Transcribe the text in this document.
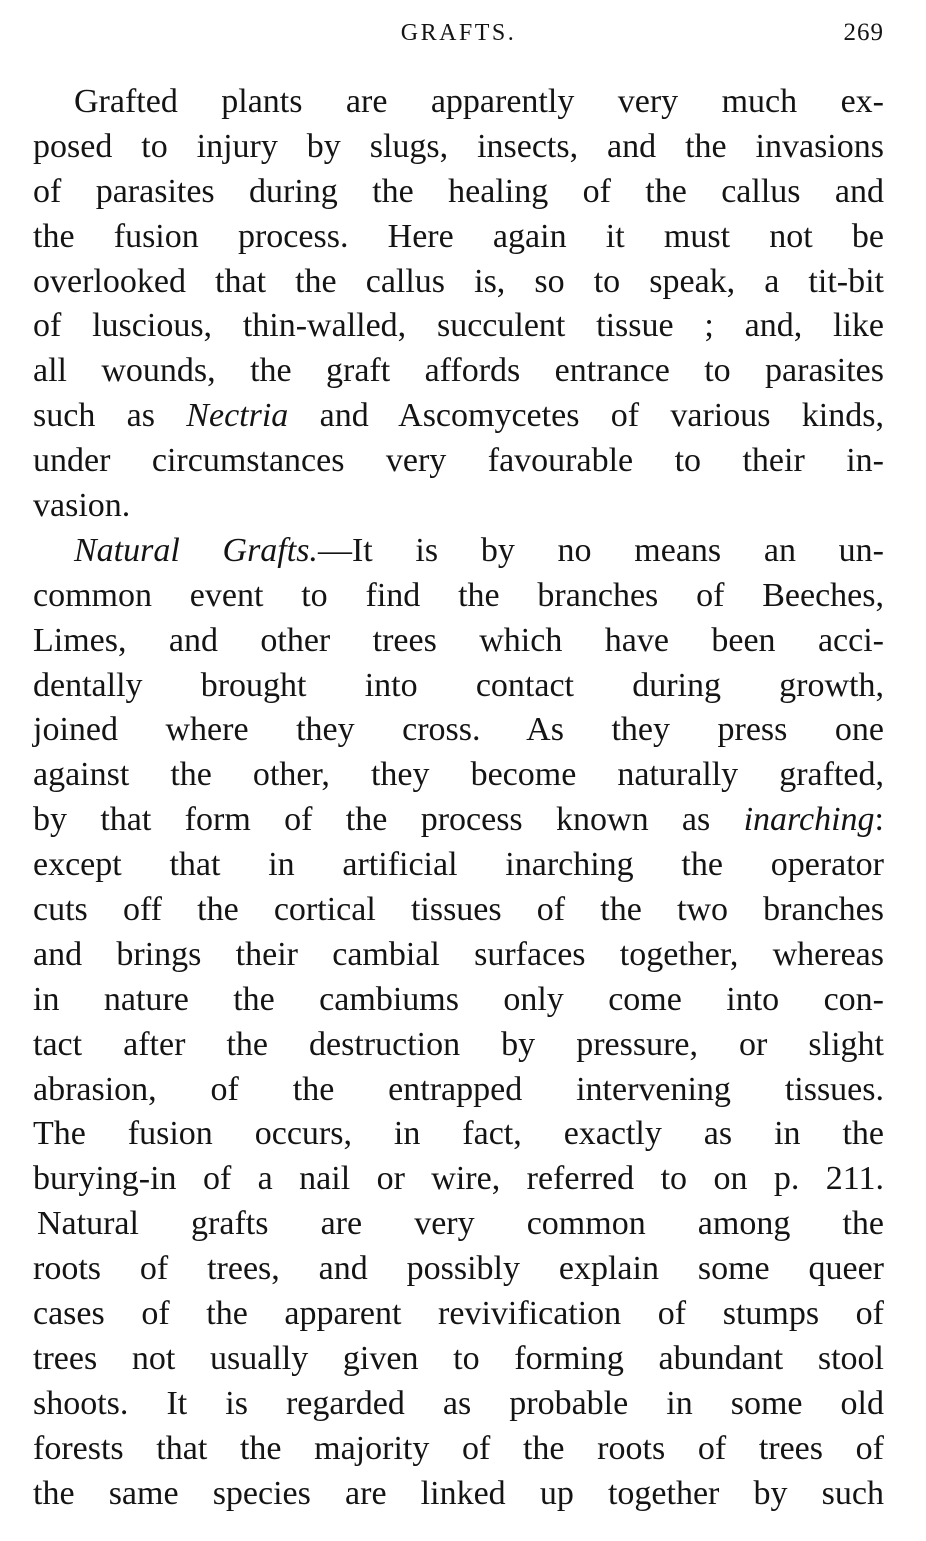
GRAFTS.	269
Grafted plants are apparently very much ex-
posed to injury by slugs, insects, and the invasions
of parasites during the healing of the callus and
the fusion process. Here again it must not be
overlooked that the callus is, so to speak, a tit-bit
of luscious, thin-walled, succulent tissue ; and, like
all wounds, the graft affords entrance to parasites
such as Nectria and Ascomycetes of various kinds,
under circumstances very favourable to their in-
vasion.
Natural Grafts.—It is by no means an un-
common event to find the branches of Beeches,
Limes, and other trees which have been acci-
dentally brought into contact during growth,
joined where they cross. As they press one
against the other, they become naturally grafted,
by that form of the process known as inarching:
except that in artificial inarching the operator
cuts off the cortical tissues of the two branches
and brings their cambial surfaces together, whereas
in nature the cambiums only come into con-
tact after the destruction by pressure, or slight
abrasion, of the entrapped intervening tissues.
The fusion occurs, in fact, exactly as in the
burying-in of a nail or wire, referred to on p. 211.
Natural grafts are very common among the
roots of trees, and possibly explain some queer
cases of the apparent revivification of stumps of
trees not usually given to forming abundant stool
shoots. It is regarded as probable in some old
forests that the majority of the roots of trees of
the same species are linked up together by such
